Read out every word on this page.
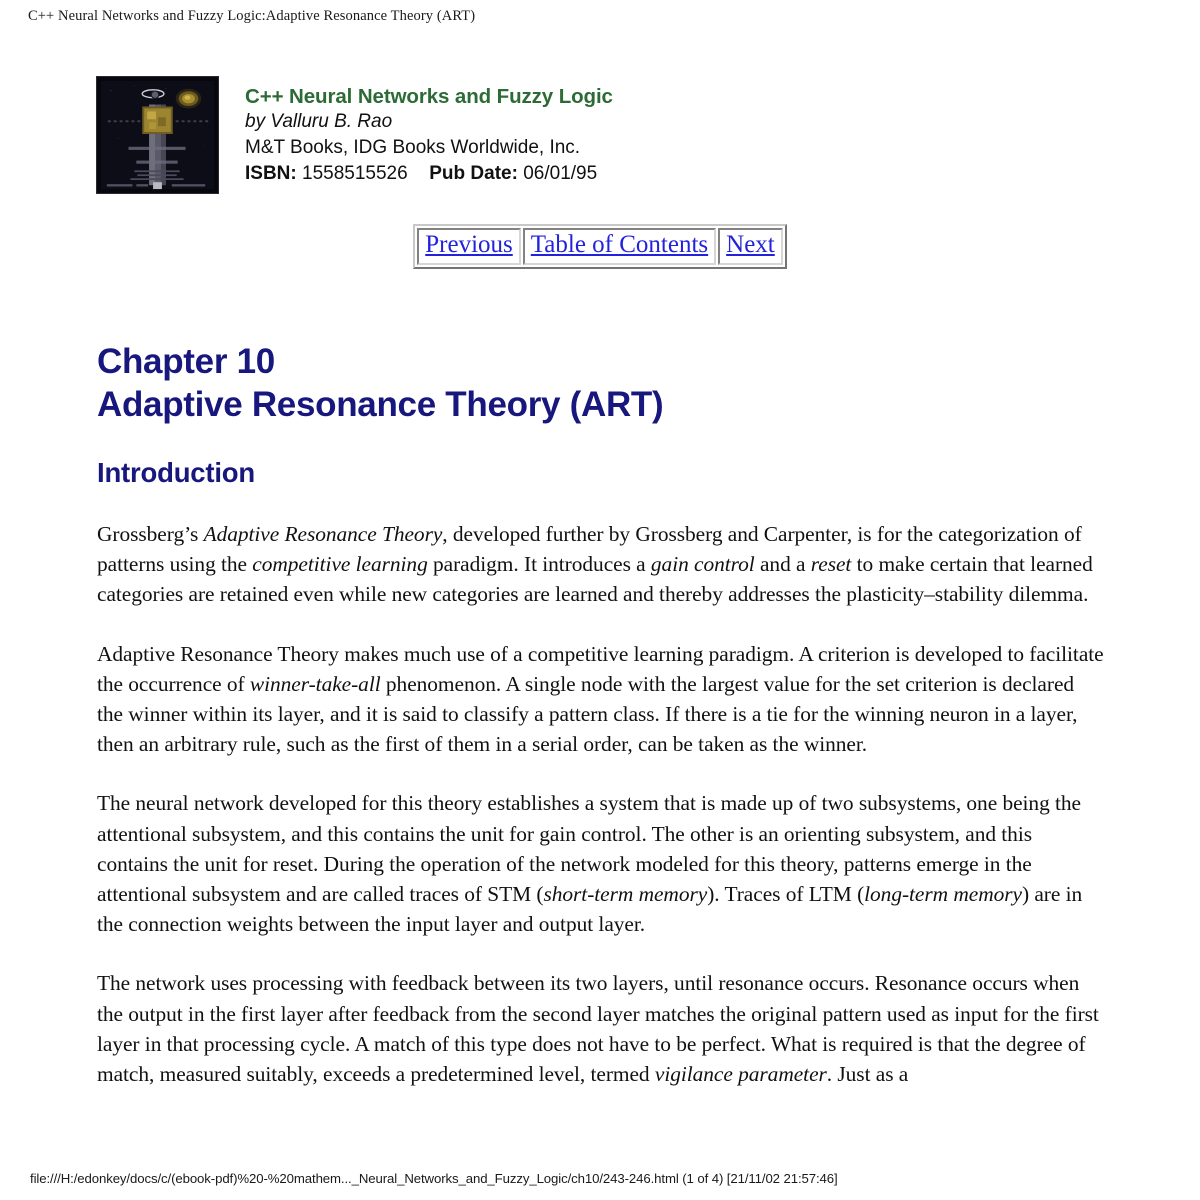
C++ Neural Networks and Fuzzy Logic:Adaptive Resonance Theory (ART)
C++ Neural Networks and Fuzzy Logic
by Valluru B. Rao
M&T Books, IDG Books Worldwide, Inc.
ISBN: 1558515526 Pub Date: 06/01/95
Previous	Table of Contents	Next
Chapter 10
Adaptive Resonance Theory (ART)
Introduction

Grossberg’s Adaptive Resonance Theory, developed further by Grossberg and Carpenter, is for the categorization of patterns using the competitive learning paradigm. It introduces a gain control and a reset to make certain that learned categories are retained even while new categories are learned and thereby addresses the plasticity–stability dilemma.

Adaptive Resonance Theory makes much use of a competitive learning paradigm. A criterion is developed to facilitate the occurrence of winner-take-all phenomenon. A single node with the largest value for the set criterion is declared the winner within its layer, and it is said to classify a pattern class. If there is a tie for the winning neuron in a layer, then an arbitrary rule, such as the first of them in a serial order, can be taken as the winner.

The neural network developed for this theory establishes a system that is made up of two subsystems, one being the attentional subsystem, and this contains the unit for gain control. The other is an orienting subsystem, and this contains the unit for reset. During the operation of the network modeled for this theory, patterns emerge in the attentional subsystem and are called traces of STM (short-term memory). Traces of LTM (long-term memory) are in the connection weights between the input layer and output layer.

The network uses processing with feedback between its two layers, until resonance occurs. Resonance occurs when the output in the first layer after feedback from the second layer matches the original pattern used as input for the first layer in that processing cycle. A match of this type does not have to be perfect. What is required is that the degree of match, measured suitably, exceeds a predetermined level, termed vigilance parameter. Just as a

file:///H:/edonkey/docs/c/(ebook-pdf)%20-%20mathem..._Neural_Networks_and_Fuzzy_Logic/ch10/243-246.html (1 of 4) [21/11/02 21:57:46]
